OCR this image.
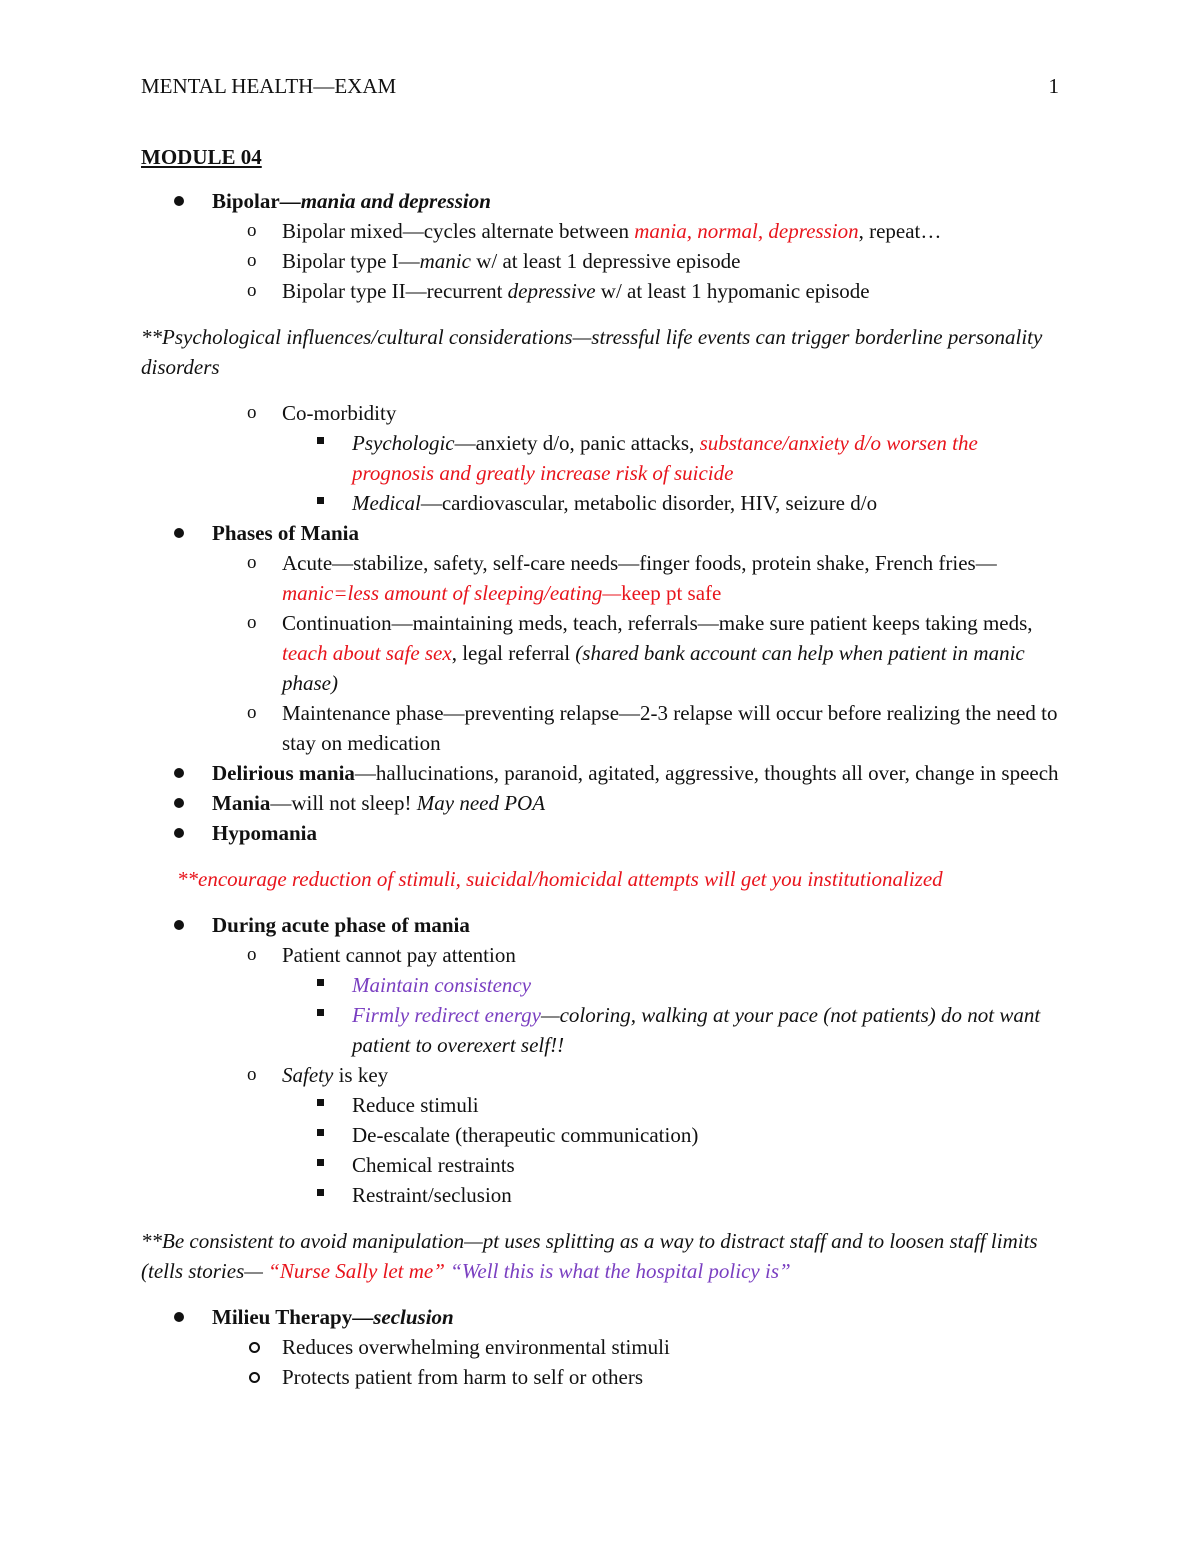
MENTAL HEALTH—EXAM	1
MODULE 04
Bipolar—mania and depression
o Bipolar mixed—cycles alternate between mania, normal, depression, repeat…
o Bipolar type I—manic w/ at least 1 depressive episode
o Bipolar type II—recurrent depressive w/ at least 1 hypomanic episode
**Psychological influences/cultural considerations—stressful life events can trigger borderline personality disorders
o Co-morbidity
Psychologic—anxiety d/o, panic attacks, substance/anxiety d/o worsen the prognosis and greatly increase risk of suicide
Medical—cardiovascular, metabolic disorder, HIV, seizure d/o
Phases of Mania
o Acute—stabilize, safety, self-care needs—finger foods, protein shake, French fries—manic=less amount of sleeping/eating—keep pt safe
o Continuation—maintaining meds, teach, referrals—make sure patient keeps taking meds, teach about safe sex, legal referral (shared bank account can help when patient in manic phase)
o Maintenance phase—preventing relapse—2-3 relapse will occur before realizing the need to stay on medication
Delirious mania—hallucinations, paranoid, agitated, aggressive, thoughts all over, change in speech
Mania—will not sleep! May need POA
Hypomania
**encourage reduction of stimuli, suicidal/homicidal attempts will get you institutionalized
During acute phase of mania
o Patient cannot pay attention
Maintain consistency
Firmly redirect energy—coloring, walking at your pace (not patients) do not want patient to overexert self!!
o Safety is key
Reduce stimuli
De-escalate (therapeutic communication)
Chemical restraints
Restraint/seclusion
**Be consistent to avoid manipulation—pt uses splitting as a way to distract staff and to loosen staff limits (tells stories— “Nurse Sally let me” “Well this is what the hospital policy is”
Milieu Therapy—seclusion
Reduces overwhelming environmental stimuli
Protects patient from harm to self or others
